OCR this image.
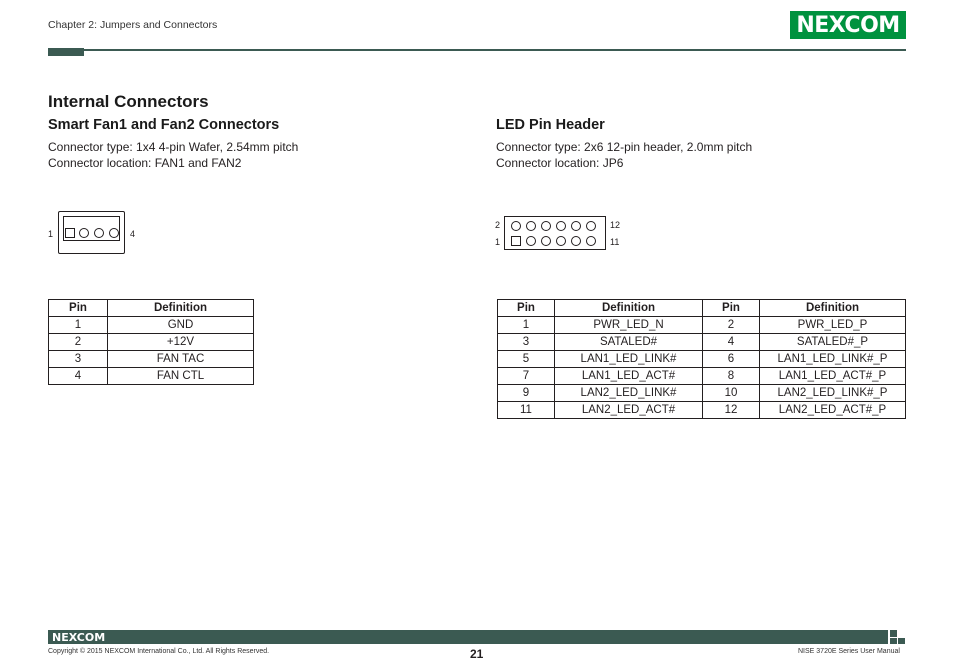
Chapter 2: Jumpers and Connectors	NEXCOM
Internal Connectors
Smart Fan1 and Fan2 Connectors
Connector type: 1x4 4-pin Wafer, 2.54mm pitch
Connector location: FAN1 and FAN2
1	4
Pin	Definition
1	GND
2	+12V
3	FAN TAC
4	FAN CTL
LED Pin Header
Connector type: 2x6 12-pin header, 2.0mm pitch
Connector location: JP6
2
1
12
11
Pin	Definition	Pin	Definition
1	PWR_LED_N	2	PWR_LED_P
3	SATALED#	4	SATALED#_P
5	LAN1_LED_LINK#	6	LAN1_LED_LINK#_P
7	LAN1_LED_ACT#	8	LAN1_LED_ACT#_P
9	LAN2_LED_LINK#	10	LAN2_LED_LINK#_P
11	LAN2_LED_ACT#	12	LAN2_LED_ACT#_P
NEXCOM
Copyright © 2015 NEXCOM International Co., Ltd. All Rights Reserved.	21	NISE 3720E Series User Manual
